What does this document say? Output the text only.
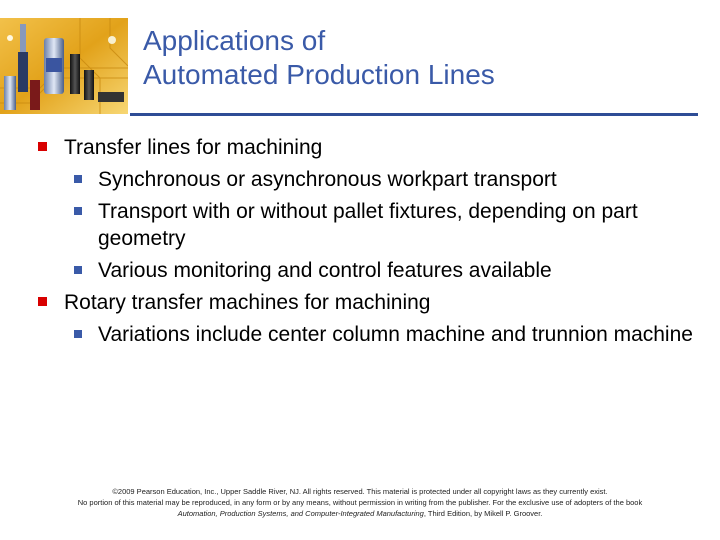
Applications of
Automated Production Lines
Transfer lines for machining
Synchronous or asynchronous workpart transport
Transport with or without pallet fixtures, depending on part geometry
Various monitoring and control features available
Rotary transfer machines for machining
Variations include center column machine and trunnion machine
©2009 Pearson Education, Inc., Upper Saddle River, NJ. All rights reserved. This material is protected under all copyright laws as they currently exist.
No portion of this material may be reproduced, in any form or by any means, without permission in writing from the publisher. For the exclusive use of adopters of the book
Automation, Production Systems, and Computer-Integrated Manufacturing, Third Edition, by Mikell P. Groover.
